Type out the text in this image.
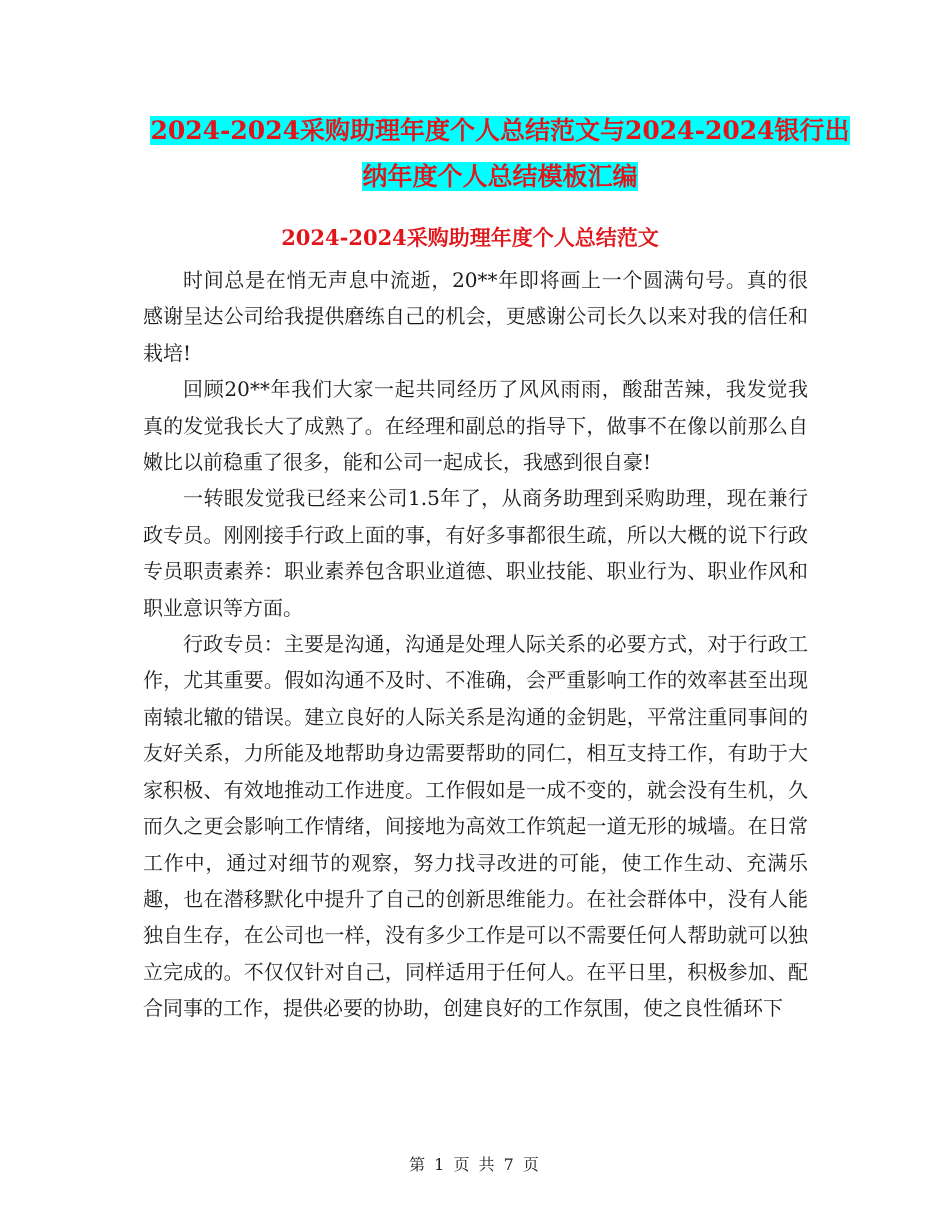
2024-2024采购助理年度个人总结范文与2024-2024银行出纳年度个人总结模板汇编
2024-2024采购助理年度个人总结范文

时间总是在悄无声息中流逝，20**年即将画上一个圆满句号。真的很感谢呈达公司给我提供磨练自己的机会，更感谢公司长久以来对我的信任和栽培!

回顾20**年我们大家一起共同经历了风风雨雨，酸甜苦辣，我发觉我真的发觉我长大了成熟了。在经理和副总的指导下，做事不在像以前那么自嫩比以前稳重了很多，能和公司一起成长，我感到很自豪!

一转眼发觉我已经来公司1.5年了，从商务助理到采购助理，现在兼行政专员。刚刚接手行政上面的事，有好多事都很生疏，所以大概的说下行政专员职责素养：职业素养包含职业道德、职业技能、职业行为、职业作风和职业意识等方面。

行政专员：主要是沟通，沟通是处理人际关系的必要方式，对于行政工作，尤其重要。假如沟通不及时、不准确，会严重影响工作的效率甚至出现南辕北辙的错误。建立良好的人际关系是沟通的金钥匙，平常注重同事间的友好关系，力所能及地帮助身边需要帮助的同仁，相互支持工作，有助于大家积极、有效地推动工作进度。工作假如是一成不变的，就会没有生机，久而久之更会影响工作情绪，间接地为高效工作筑起一道无形的城墙。在日常工作中，通过对细节的观察，努力找寻改进的可能，使工作生动、充满乐趣，也在潜移默化中提升了自己的创新思维能力。在社会群体中，没有人能独自生存，在公司也一样，没有多少工作是可以不需要任何人帮助就可以独立完成的。不仅仅针对自己，同样适用于任何人。在平日里，积极参加、配合同事的工作，提供必要的协助，创建良好的工作氛围，使之良性循环下

第 1 页 共 7 页
